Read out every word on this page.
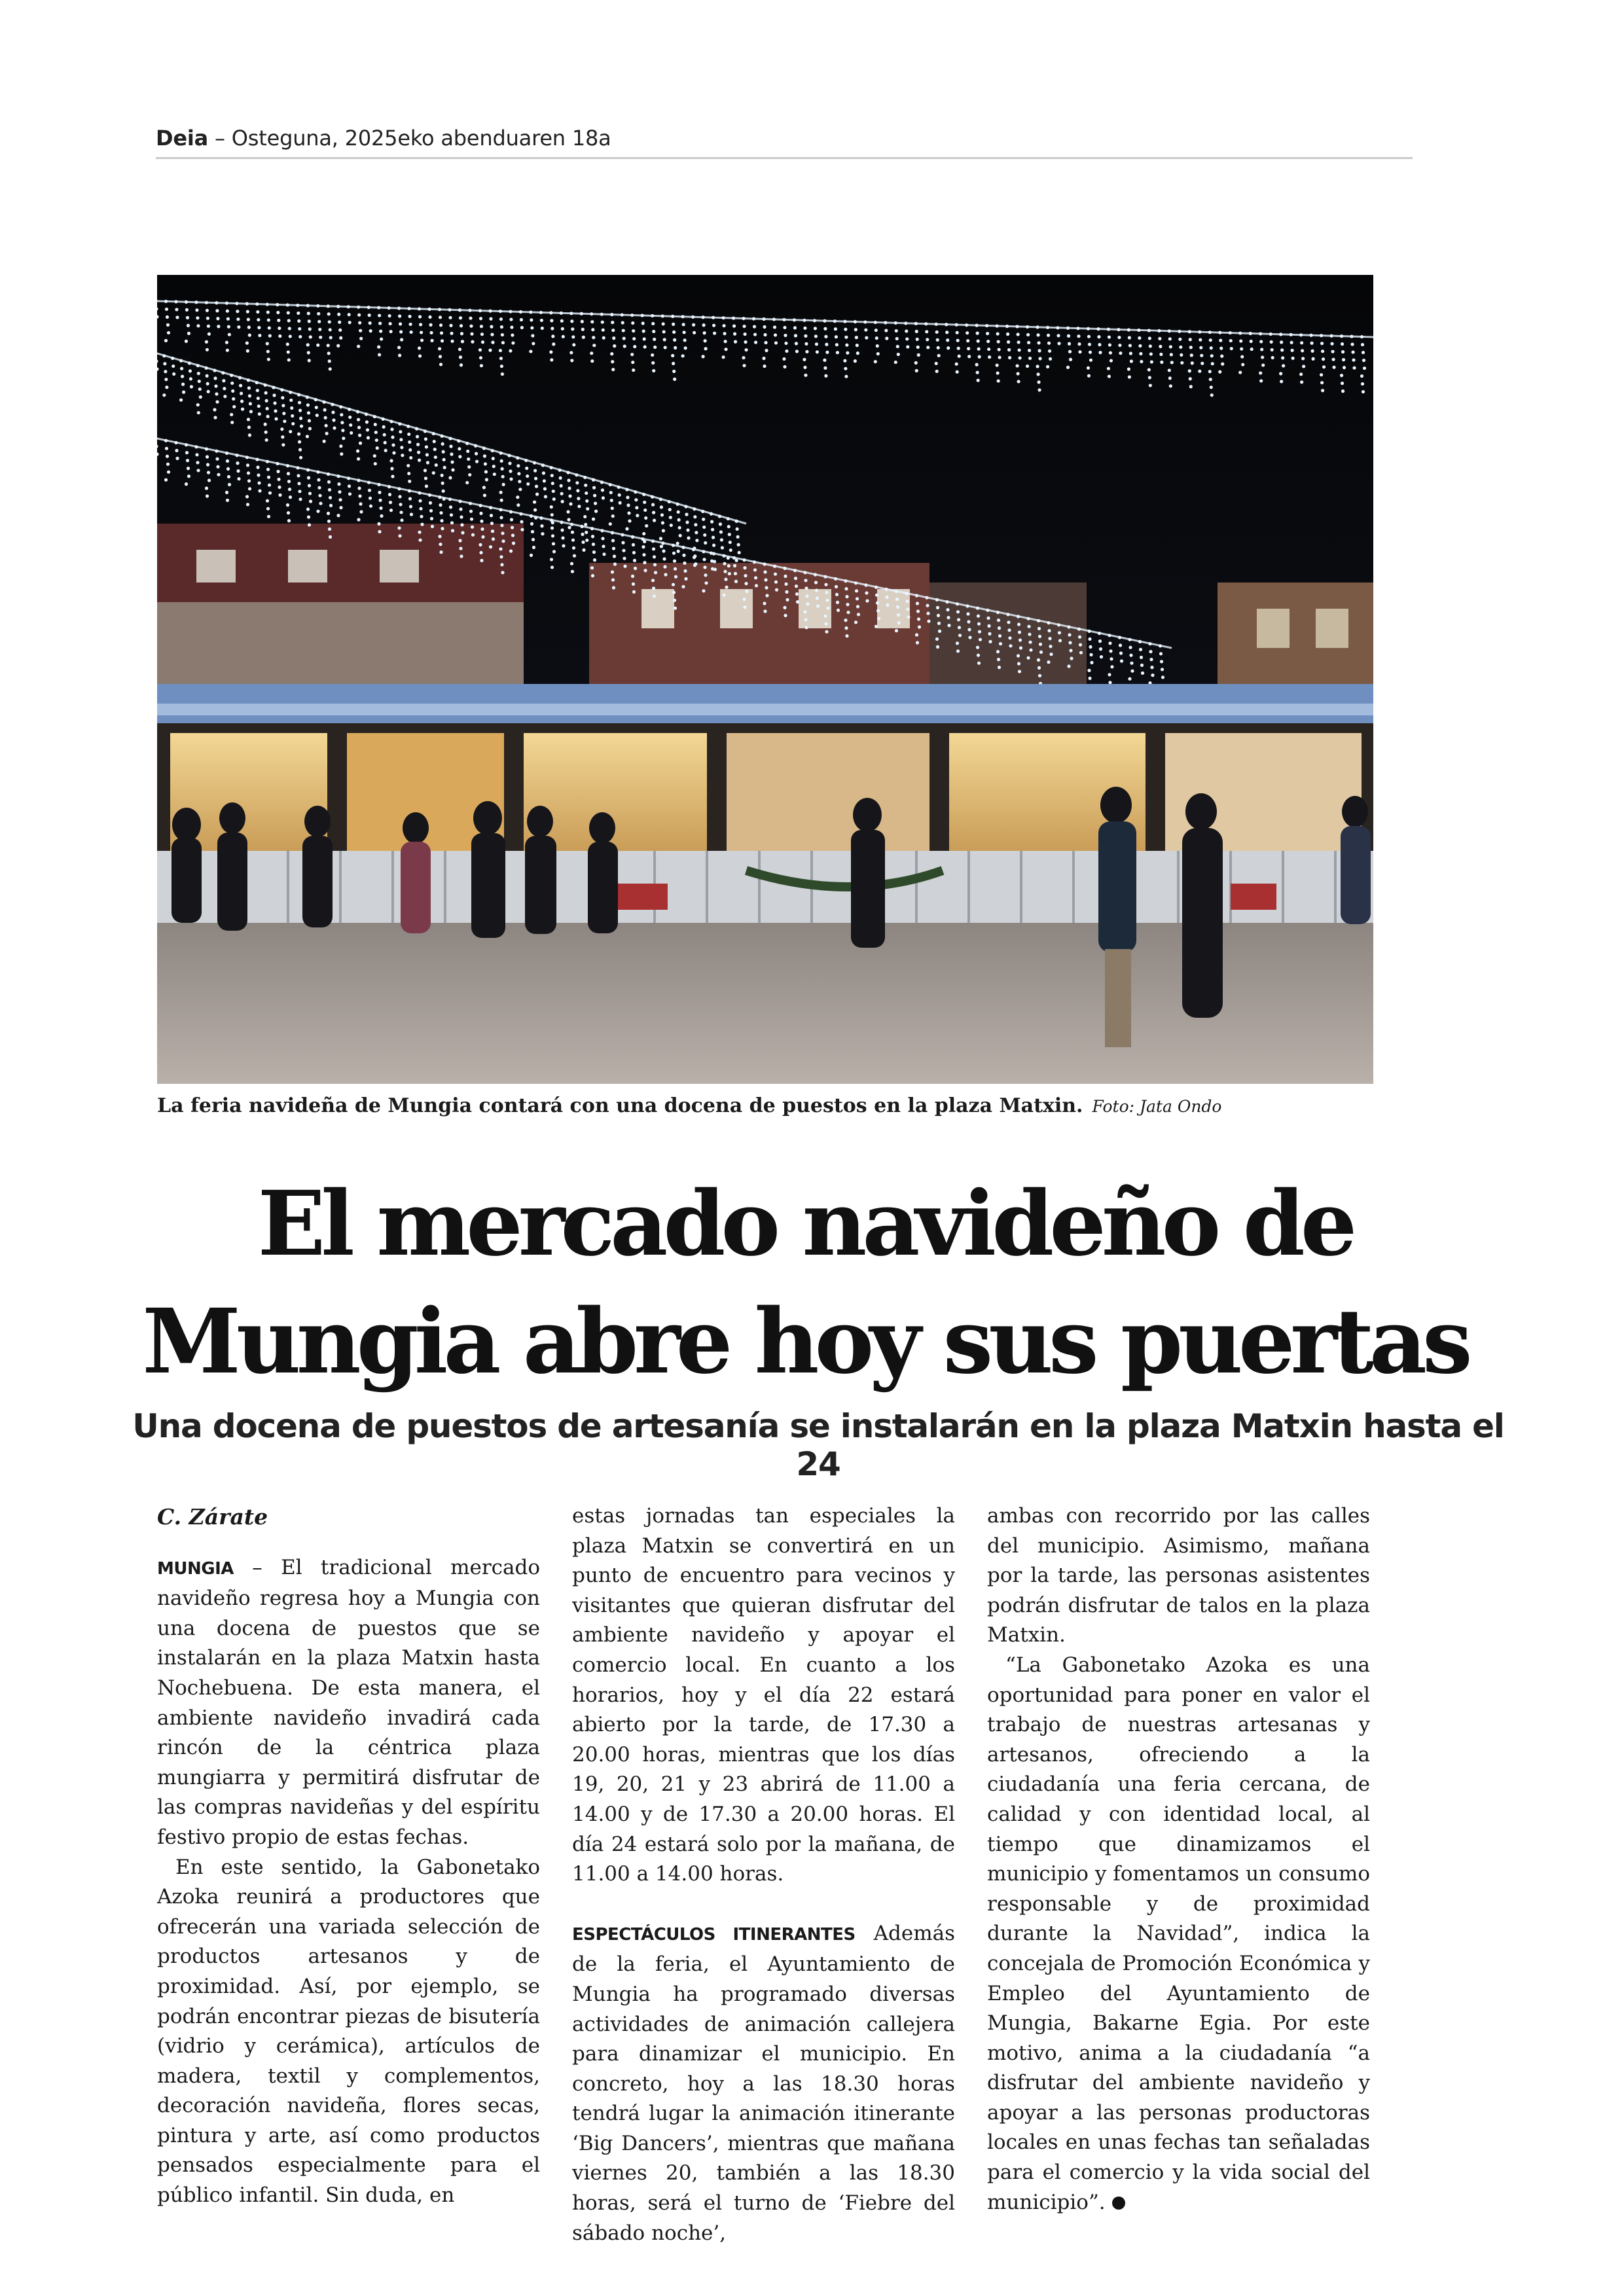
Deia – Osteguna, 2025eko abenduaren 18a
La feria navideña de Mungia contará con una docena de puestos en la plaza Matxin. Foto: Jata Ondo
El mercado navideño de
Mungia abre hoy sus puertas
Una docena de puestos de artesanía se instalarán en la plaza Matxin hasta el 24

C. Zárate

MUNGIA – El tradicional mercado navideño regresa hoy a Mungia con una docena de puestos que se instalarán en la plaza Matxin hasta Nochebuena. De esta manera, el ambiente navideño invadirá cada rincón de la céntrica plaza mungiarra y permitirá disfrutar de las compras navideñas y del espíritu festivo propio de estas fechas.

En este sentido, la Gabonetako Azoka reunirá a productores que ofrecerán una variada selección de productos artesanos y de proximidad. Así, por ejemplo, se podrán encontrar piezas de bisutería (vidrio y cerámica), artículos de madera, textil y complementos, decoración navideña, flores secas, pintura y arte, así como productos pensados especialmente para el público infantil. Sin duda, en

estas jornadas tan especiales la plaza Matxin se convertirá en un punto de encuentro para vecinos y visitantes que quieran disfrutar del ambiente navideño y apoyar el comercio local. En cuanto a los horarios, hoy y el día 22 estará abierto por la tarde, de 17.30 a 20.00 horas, mientras que los días 19, 20, 21 y 23 abrirá de 11.00 a 14.00 y de 17.30 a 20.00 horas. El día 24 estará solo por la mañana, de 11.00 a 14.00 horas.

ESPECTÁCULOS ITINERANTES Además de la feria, el Ayuntamiento de Mungia ha programado diversas actividades de animación callejera para dinamizar el municipio. En concreto, hoy a las 18.30 horas tendrá lugar la animación itinerante ‘Big Dancers’, mientras que mañana viernes 20, también a las 18.30 horas, será el turno de ‘Fiebre del sábado noche’,

ambas con recorrido por las calles del municipio. Asimismo, mañana por la tarde, las personas asistentes podrán disfrutar de talos en la plaza Matxin.

“La Gabonetako Azoka es una oportunidad para poner en valor el trabajo de nuestras artesanas y artesanos, ofreciendo a la ciudadanía una feria cercana, de calidad y con identidad local, al tiempo que dinamizamos el municipio y fomentamos un consumo responsable y de proximidad durante la Navidad”, indica la concejala de Promoción Económica y Empleo del Ayuntamiento de Mungia, Bakarne Egia. Por este motivo, anima a la ciudadanía “a disfrutar del ambiente navideño y apoyar a las personas productoras locales en unas fechas tan señaladas para el comercio y la vida social del municipio”.
